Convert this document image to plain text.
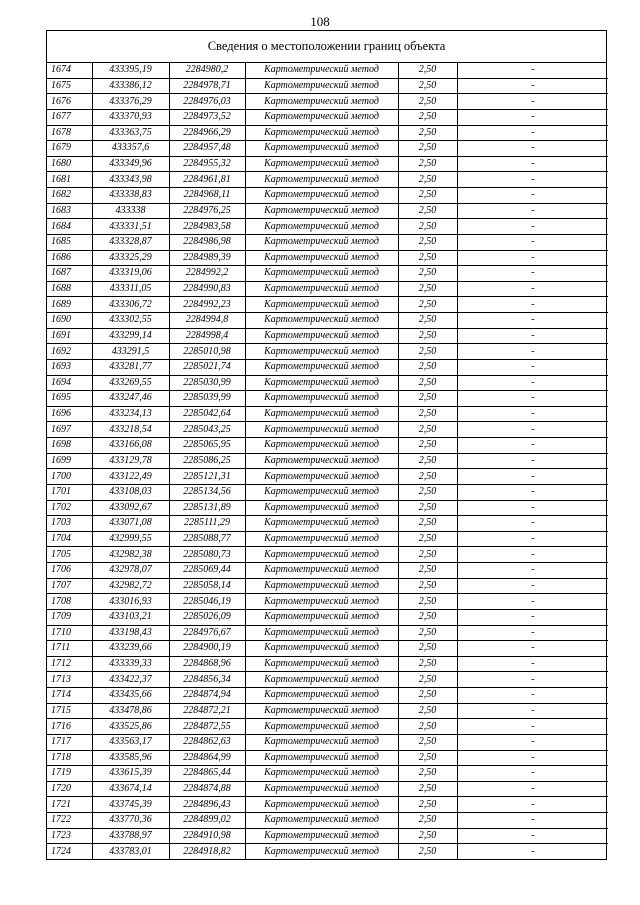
108
Сведения о местоположении границ объекта
1674	433395,19	2284980,2	Картометрический метод	2,50	-
1675	433386,12	2284978,71	Картометрический метод	2,50	-
1676	433376,29	2284976,03	Картометрический метод	2,50	-
1677	433370,93	2284973,52	Картометрический метод	2,50	-
1678	433363,75	2284966,29	Картометрический метод	2,50	-
1679	433357,6	2284957,48	Картометрический метод	2,50	-
1680	433349,96	2284955,32	Картометрический метод	2,50	-
1681	433343,98	2284961,81	Картометрический метод	2,50	-
1682	433338,83	2284968,11	Картометрический метод	2,50	-
1683	433338	2284976,25	Картометрический метод	2,50	-
1684	433331,51	2284983,58	Картометрический метод	2,50	-
1685	433328,87	2284986,98	Картометрический метод	2,50	-
1686	433325,29	2284989,39	Картометрический метод	2,50	-
1687	433319,06	2284992,2	Картометрический метод	2,50	-
1688	433311,05	2284990,83	Картометрический метод	2,50	-
1689	433306,72	2284992,23	Картометрический метод	2,50	-
1690	433302,55	2284994,8	Картометрический метод	2,50	-
1691	433299,14	2284998,4	Картометрический метод	2,50	-
1692	433291,5	2285010,98	Картометрический метод	2,50	-
1693	433281,77	2285021,74	Картометрический метод	2,50	-
1694	433269,55	2285030,99	Картометрический метод	2,50	-
1695	433247,46	2285039,99	Картометрический метод	2,50	-
1696	433234,13	2285042,64	Картометрический метод	2,50	-
1697	433218,54	2285043,25	Картометрический метод	2,50	-
1698	433166,08	2285065,95	Картометрический метод	2,50	-
1699	433129,78	2285086,25	Картометрический метод	2,50	-
1700	433122,49	2285121,31	Картометрический метод	2,50	-
1701	433108,03	2285134,56	Картометрический метод	2,50	-
1702	433092,67	2285131,89	Картометрический метод	2,50	-
1703	433071,08	2285111,29	Картометрический метод	2,50	-
1704	432999,55	2285088,77	Картометрический метод	2,50	-
1705	432982,38	2285080,73	Картометрический метод	2,50	-
1706	432978,07	2285069,44	Картометрический метод	2,50	-
1707	432982,72	2285058,14	Картометрический метод	2,50	-
1708	433016,93	2285046,19	Картометрический метод	2,50	-
1709	433103,21	2285026,09	Картометрический метод	2,50	-
1710	433198,43	2284976,67	Картометрический метод	2,50	-
1711	433239,66	2284900,19	Картометрический метод	2,50	-
1712	433339,33	2284868,96	Картометрический метод	2,50	-
1713	433422,37	2284856,34	Картометрический метод	2,50	-
1714	433435,66	2284874,94	Картометрический метод	2,50	-
1715	433478,86	2284872,21	Картометрический метод	2,50	-
1716	433525,86	2284872,55	Картометрический метод	2,50	-
1717	433563,17	2284862,63	Картометрический метод	2,50	-
1718	433585,96	2284864,99	Картометрический метод	2,50	-
1719	433615,39	2284865,44	Картометрический метод	2,50	-
1720	433674,14	2284874,88	Картометрический метод	2,50	-
1721	433745,39	2284896,43	Картометрический метод	2,50	-
1722	433770,36	2284899,02	Картометрический метод	2,50	-
1723	433788,97	2284910,98	Картометрический метод	2,50	-
1724	433783,01	2284918,82	Картометрический метод	2,50	-
